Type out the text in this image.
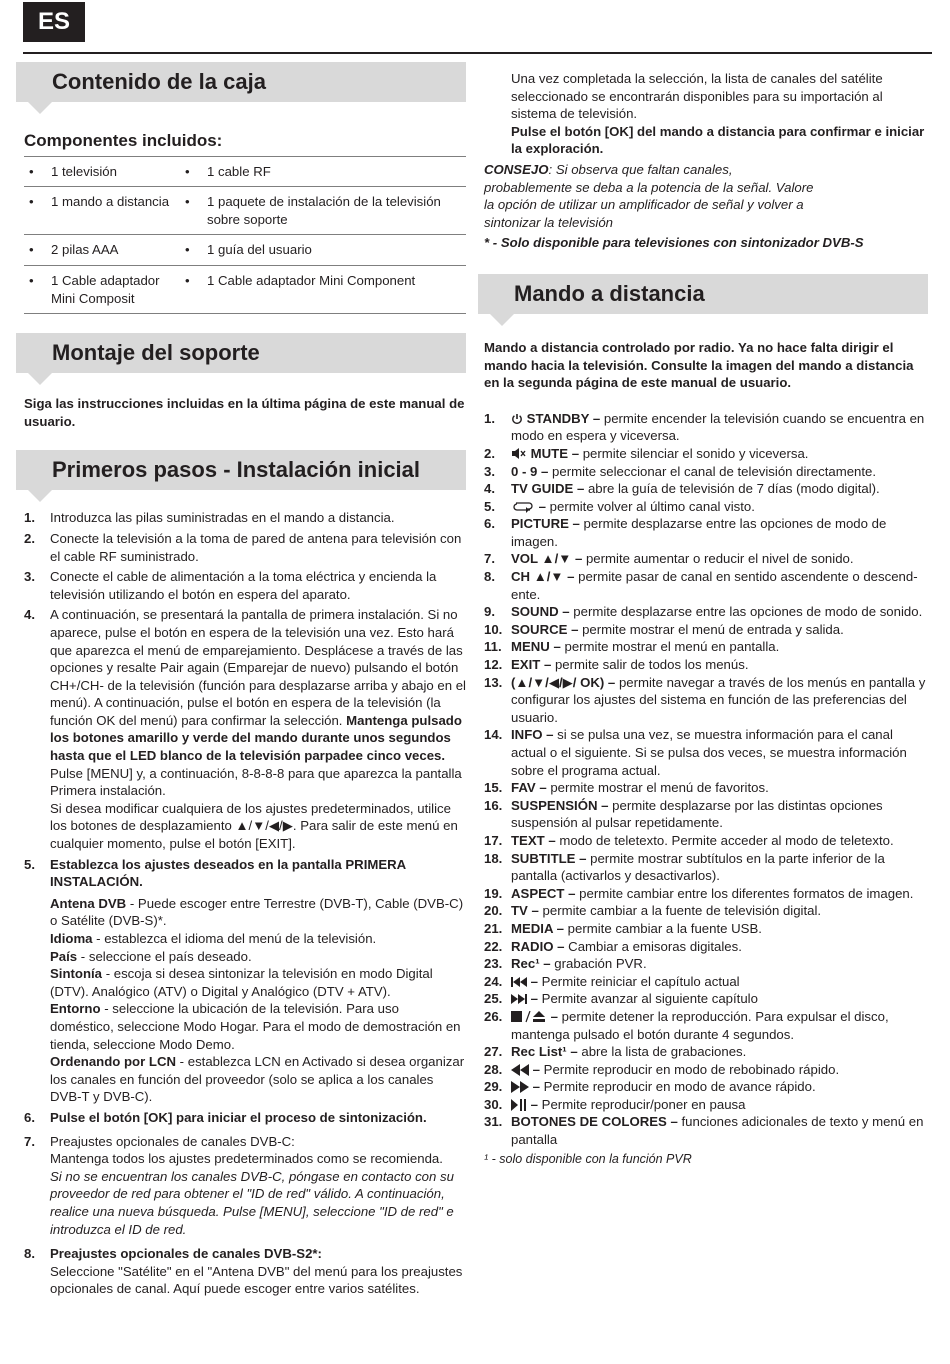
ES
Contenido de la caja
Componentes incluidos:
• 1 televisión	• 1 cable RF

• 1 mando a distancia	• 1 paquete de instalación de la televisión sobre soporte

• 2 pilas AAA	• 1 guía del usuario

• 1 Cable adaptador Mini Composit	• 1 Cable adaptador Mini Component
Montaje del soporte
Siga las instrucciones incluidas en la última página de este manual de usuario.
Primeros pasos - Instalación inicial
1.	Introduzca las pilas suministradas en el mando a distancia.
2.	Conecte la televisión a la toma de pared de antena para televisión con el cable RF suministrado.
3.	Conecte el cable de alimentación a la toma eléctrica y encienda la televisión utilizando el botón en espera del aparato.
4.	A continuación, se presentará la pantalla de primera instalación. Si no aparece, pulse el botón en espera de la televisión una vez. Esto hará que aparezca el menú de emparejamiento. Desplácese a través de las opciones y resalte Pair again (Emparejar de nuevo) pulsando el botón CH+/CH- de la televisión (función para desplazarse arriba y abajo en el menú). A continuación, pulse el botón en espera de la televisión (la función OK del menú) para confirmar la selección. Mantenga pulsado los botones amarillo y verde del mando durante unos segundos hasta que el LED blanco de la televisión parpadee cinco veces.

Pulse [MENU] y, a continuación, 8-8-8-8 para que aparezca la pantalla Primera instalación.

Si desea modificar cualquiera de los ajustes predeterminados, utilice los botones de desplazamiento ▲/▼/◀/▶. Para salir de este menú en cualquier momento, pulse el botón [EXIT].

5.	Establezca los ajustes deseados en la pantalla PRIMERA INSTALACIÓN.

Antena DVB - Puede escoger entre Terrestre (DVB-T), Cable (DVB-C) o Satélite (DVB-S)*.

Idioma - establezca el idioma del menú de la televisión.

País - seleccione el país deseado.

Sintonía - escoja si desea sintonizar la televisión en modo Digital (DTV). Analógico (ATV) o Digital y Analógico (DTV + ATV).

Entorno - seleccione la ubicación de la televisión. Para uso doméstico, seleccione Modo Hogar. Para el modo de demostración en tienda, seleccione Modo Demo.

Ordenando por LCN - establezca LCN en Activado si desea organizar los canales en función del proveedor (solo se aplica a los canales DVB-T y DVB-C).

6.	Pulse el botón [OK] para iniciar el proceso de sintonización.
7.	Preajustes opcionales de canales DVB-C:

Mantenga todos los ajustes predeterminados como se recomienda.

Si no se encuentran los canales DVB-C, póngase en contacto con su proveedor de red para obtener el "ID de red" válido. A continuación, realice una nueva búsqueda. Pulse [MENU], seleccione "ID de red" e introduzca el ID de red.

8.	Preajustes opcionales de canales DVB-S2*:

Seleccione "Satélite" en el "Antena DVB" del menú para los preajustes opcionales de canal. Aquí puede escoger entre varios satélites.

Una vez completada la selección, la lista de canales del satélite seleccionado se encontrarán disponibles para su importación al sistema de televisión.

Pulse el botón [OK] del mando a distancia para confirmar e iniciar la exploración.

CONSEJO: Si observa que faltan canales, probablemente se deba a la potencia de la señal. Valore la opción de utilizar un amplificador de señal y volver a sintonizar la televisión

* - Solo disponible para televisiones con sintonizador DVB-S

Mando a distancia

Mando a distancia controlado por radio. Ya no hace falta dirigir el mando hacia la televisión. Consulte la imagen del mando a distancia en la segunda página de este manual de usuario.

1.	STANDBY – permite encender la televisión cuando se encuentra en modo en espera y viceversa.
2.	MUTE – permite silenciar el sonido y viceversa.
3.	0 - 9 – permite seleccionar el canal de televisión directamente.
4.	TV GUIDE – abre la guía de televisión de 7 días (modo digital).
5.	– permite volver al último canal visto.
6.	PICTURE – permite desplazarse entre las opciones de modo de imagen.
7.	VOL ▲/▼ – permite aumentar o reducir el nivel de sonido.
8.	CH ▲/▼ – permite pasar de canal en sentido ascendente o descend-ente.
9.	SOUND – permite desplazarse entre las opciones de modo de sonido.
10. SOURCE – permite mostrar el menú de entrada y salida.
11. MENU – permite mostrar el menú en pantalla.
12. EXIT – permite salir de todos los menús.
13. (▲/▼/◀/▶/ OK) – permite navegar a través de los menús en pantalla y configurar los ajustes del sistema en función de las preferencias del usuario.
14. INFO – si se pulsa una vez, se muestra información para el canal actual o el siguiente. Si se pulsa dos veces, se muestra información sobre el programa actual.
15. FAV – permite mostrar el menú de favoritos.
16. SUSPENSIÓN – permite desplazarse por las distintas opciones suspensión al pulsar repetidamente.
17. TEXT – modo de teletexto. Permite acceder al modo de teletexto.
18. SUBTITLE – permite mostrar subtítulos en la parte inferior de la pantalla (activarlos y desactivarlos).
19. ASPECT – permite cambiar entre los diferentes formatos de imagen.
20. TV – permite cambiar a la fuente de televisión digital.
21. MEDIA – permite cambiar a la fuente USB.
22. RADIO – Cambiar a emisoras digitales.
23. Rec¹ – grabación PVR.
24.	– Permite reiniciar el capítulo actual
25.	– Permite avanzar al siguiente capítulo
26.	– permite detener la reproducción. Para expulsar el disco, mantenga pulsado el botón durante 4 segundos.
27. Rec List¹ – abre la lista de grabaciones.
28.	– Permite reproducir en modo de rebobinado rápido.
29.	– Permite reproducir en modo de avance rápido.
30.	– Permite reproducir/poner en pausa
31. BOTONES DE COLORES – funciones adicionales de texto y menú en pantalla

¹ - solo disponible con la función PVR
